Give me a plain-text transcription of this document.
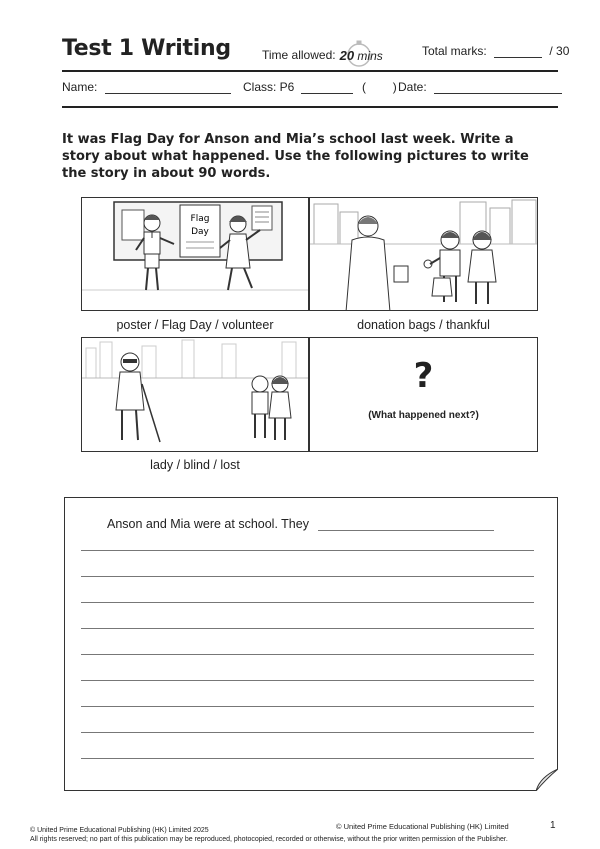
Test 1 Writing	Time allowed: 20 mins	Total marks:	/ 30
Name:	Class: P6	( ) Date:
It was Flag Day for Anson and Mia’s school last week. Write a story about what happened. Use the following pictures to write the story in about 90 words.
Flag
Day
poster / Flag Day / volunteer	donation bags / thankful
lady / blind / lost
?
(What happened next?)
Anson and Mia were at school. They
© United Prime Educational Publishing (HK) Limited 2025
All rights reserved; no part of this publication may be reproduced, photocopied, recorded or otherwise, without the prior written permission of the Publisher.
© United Prime Educational Publishing (HK) Limited	1
